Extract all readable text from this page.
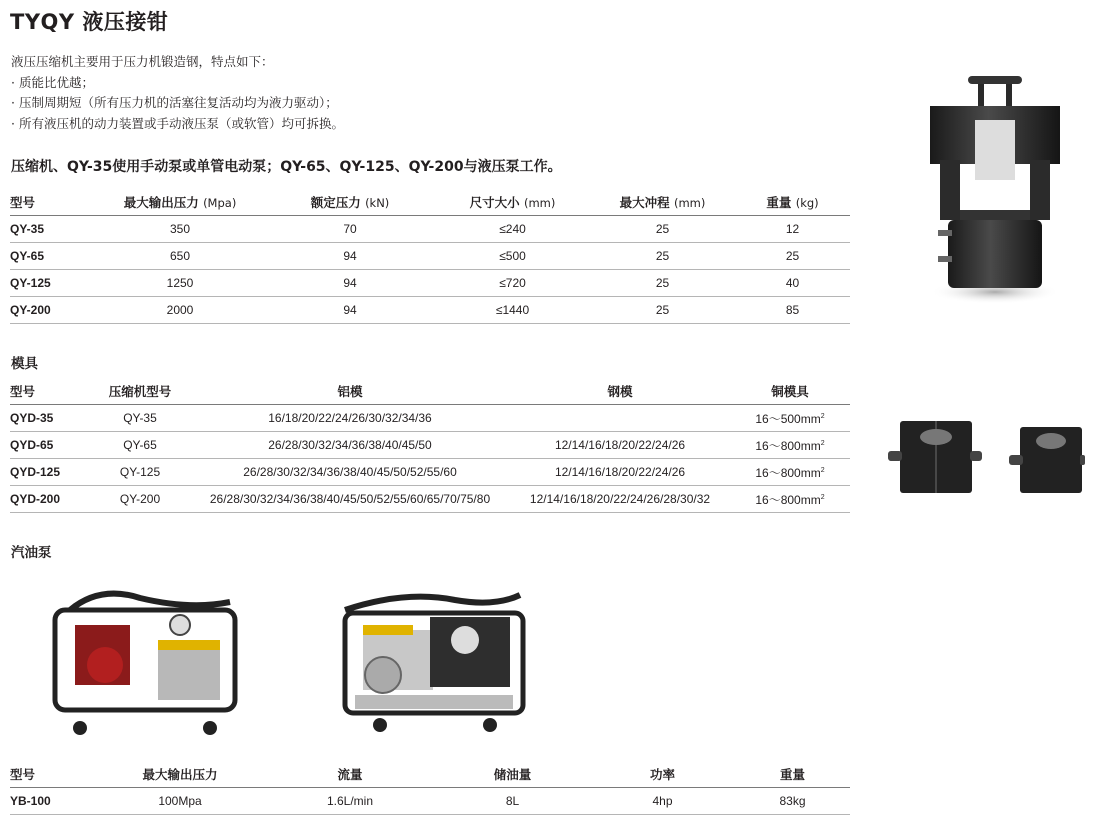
TYQY 液压接钳
液压压缩机主要用于压力机锻造钢，特点如下：
· 质能比优越；
· 压制周期短（所有压力机的活塞往复活动均为液力驱动）；
· 所有液压机的动力装置或手动液压泵（或软管）均可拆换。
压缩机、QY-35使用手动泵或单管电动泵；QY-65、QY-125、QY-200与液压泵工作。
型号	最大输出压力 (Mpa)	额定压力 (kN)	尺寸大小 (mm)	最大冲程 (mm)	重量 (kg)
QY-35	350	70	≤240	25	12
QY-65	650	94	≤500	25	25
QY-125	1250	94	≤720	25	40
QY-200	2000	94	≤1440	25	85
模具
型号	压缩机型号	铝模	钢模	铜模具
QYD-35	QY-35	16/18/20/22/24/26/30/32/34/36		$16\sim 500mm^2$
QYD-65	QY-65	26/28/30/32/34/36/38/40/45/50	12/14/16/18/20/22/24/26	$16\sim 800mm^2$
QYD-125	QY-125	26/28/30/32/34/36/38/40/45/50/52/55/60	12/14/16/18/20/22/24/26	$16\sim 800mm^2$
QYD-200	QY-200	26/28/30/32/34/36/38/40/45/50/52/55/60/65/70/75/80	12/14/16/18/20/22/24/26/28/30/32	$16\sim 800mm^2$
汽油泵
型号	最大输出压力	流量	储油量	功率	重量
YB-100	100Mpa	1.6L/min	8L	4hp	83kg
